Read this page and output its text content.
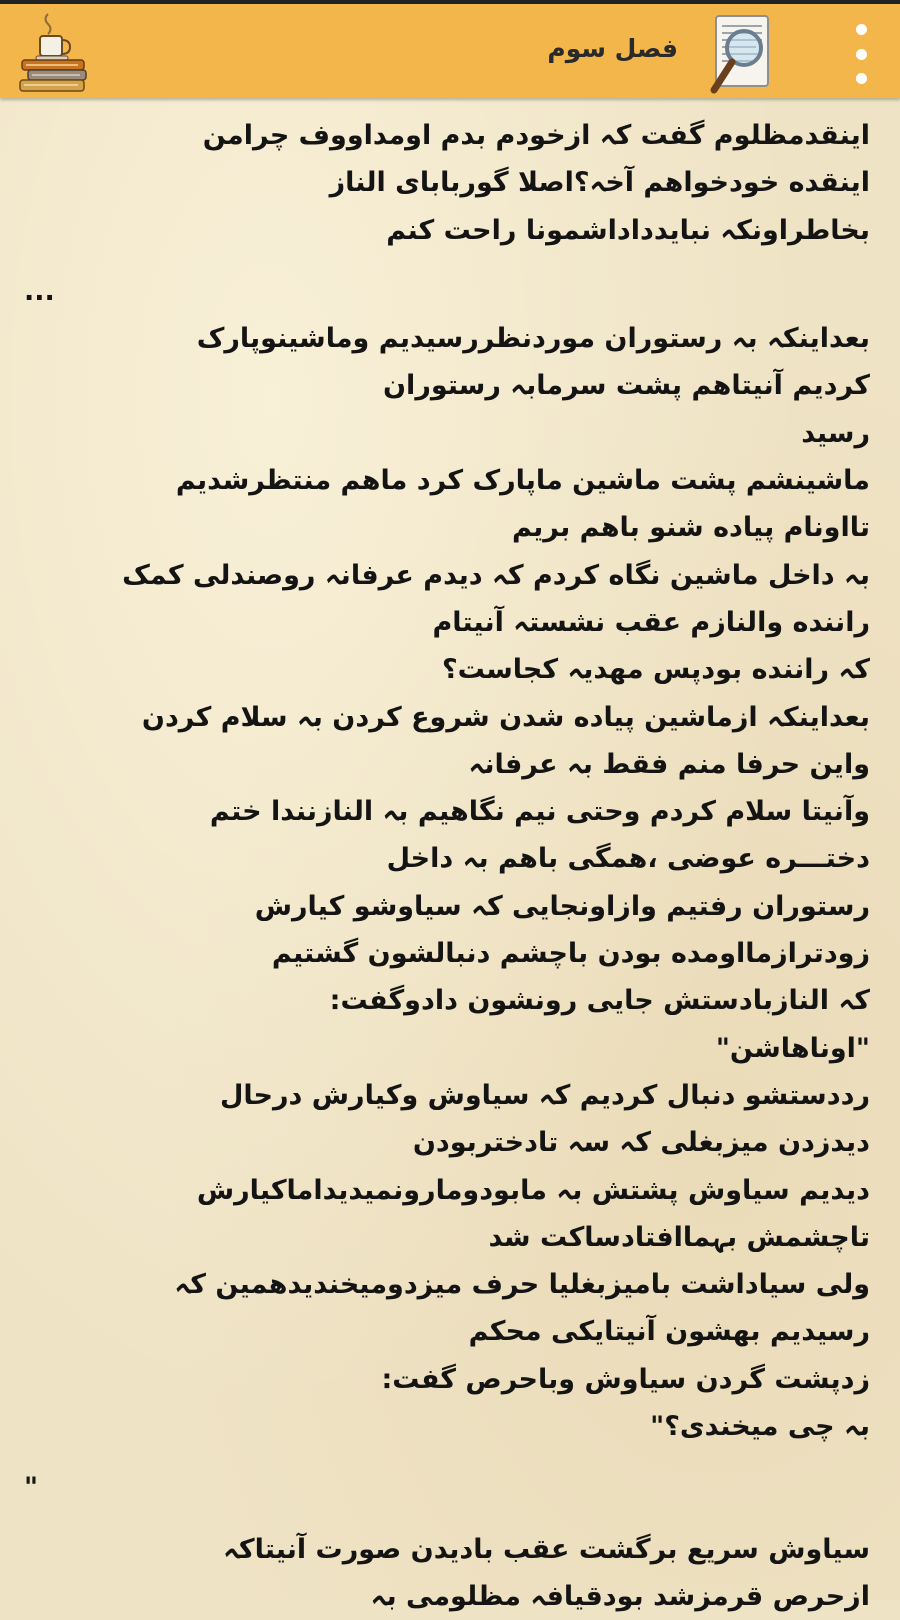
فصل سوم
اينقدمظلوم گفت كہ ازخودم بدم اومداووف چرامن
اينقده خودخواهم آخہ؟اصلا گوربابای الناز
بخاطراونكہ نبايدداداشمونا راحت كنم
...
بعداينكہ بہ رستوران موردنظررسيديم وماشينوپارک
كرديم آنيتاهم پشت سرمابہ رستوران
رسيد
ماشينشم پشت ماشين ماپارک كرد ماهم منتظرشديم
تااونام پياده شنو باهم بريم
بہ داخل ماشين نگاه كردم كہ ديدم عرفانہ روصندلی كمک
راننده والنازم عقب نشستہ آنيتام
كہ راننده بودپس مهديہ كجاست؟
بعداينكہ ازماشين پياده شدن شروع كردن بہ سلام كردن
واين حرفا منم فقط بہ عرفانہ
وآنيتا سلام كردم وحتی نيم نگاهيم بہ النازنندا ختم
دختـــره عوضی ،همگی باهم بہ داخل
رستوران رفتيم وازاونجايی كہ سياوشو كيارش
زودترازمااومده بودن باچشم دنبالشون گشتيم
كہ النازبادستش جايی رونشون دادوگفت:
"اوناهاشن"
رددستشو دنبال كرديم كہ سياوش وكيارش درحال
ديدزدن ميزبغلی كہ سہ تادختربودن
ديديم سياوش پشتش بہ مابودومارونميديداماكيارش
تاچشمش بہماافتادساكت شد
ولی سياداشت باميزبغليا حرف ميزدوميخنديدهمين كہ
رسيديم بهشون آنيتايكی محكم
زدپشت گردن سياوش وباحرص گفت:
بہ چی ميخندی؟"
"
سياوش سريع برگشت عقب باديدن صورت آنيتاكہ
ازحرص قرمزشد بودقيافہ مظلومی بہ
